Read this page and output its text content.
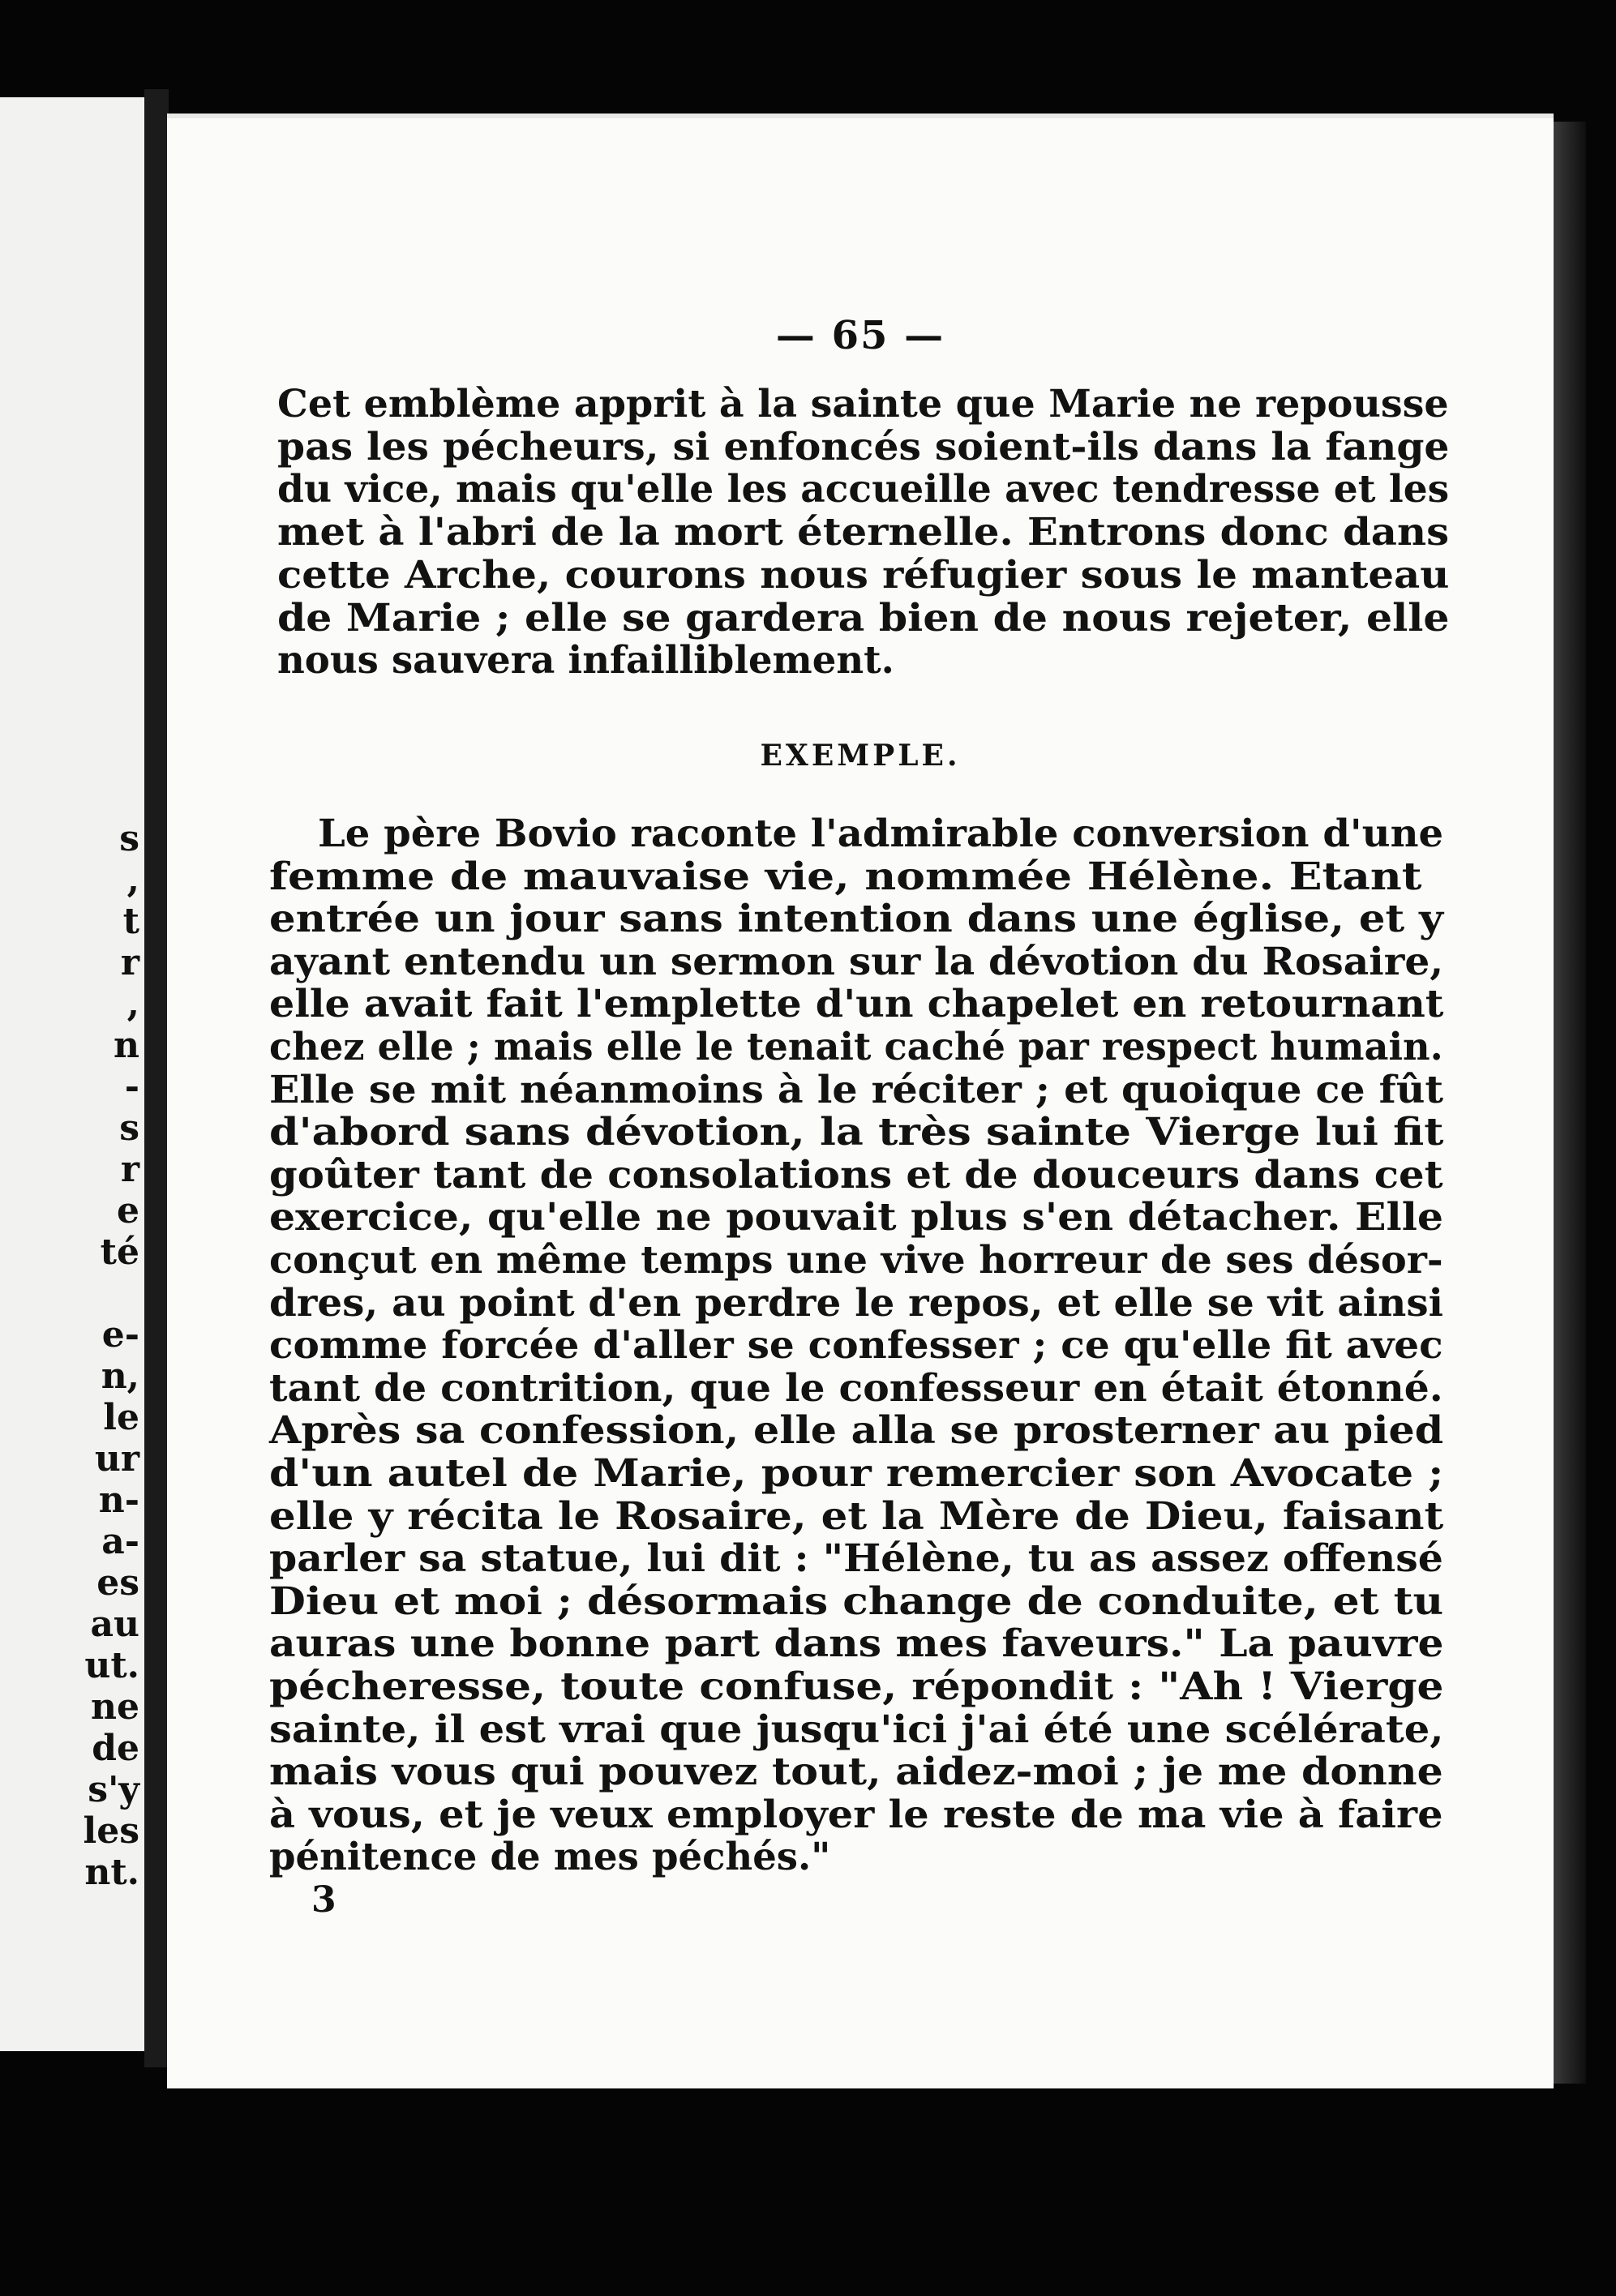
s
,
t
r
,
n
-
s
r
e
té
e-
n,
le
ur
n-
a-
es
au
ut.
ne
de
s'y
les
nt.
— 65 —
EXEMPLE.
3
Cet emblème apprit à la sainte que Marie ne repousse
pas les pécheurs, si enfoncés soient-ils dans la fange
du vice, mais qu'elle les accueille avec tendresse et les
met à l'abri de la mort éternelle. Entrons donc dans
cette Arche, courons nous réfugier sous le manteau
de Marie ; elle se gardera bien de nous rejeter, elle
nous sauvera infailliblement.
Le père Bovio raconte l'admirable conversion d'une
femme de mauvaise vie, nommée Hélène. Etant
entrée un jour sans intention dans une église, et y
ayant entendu un sermon sur la dévotion du Rosaire,
elle avait fait l'emplette d'un chapelet en retournant
chez elle ; mais elle le tenait caché par respect humain.
Elle se mit néanmoins à le réciter ; et quoique ce fût
d'abord sans dévotion, la très sainte Vierge lui fit
goûter tant de consolations et de douceurs dans cet
exercice, qu'elle ne pouvait plus s'en détacher. Elle
conçut en même temps une vive horreur de ses désor-
dres, au point d'en perdre le repos, et elle se vit ainsi
comme forcée d'aller se confesser ; ce qu'elle fit avec
tant de contrition, que le confesseur en était étonné.
Après sa confession, elle alla se prosterner au pied
d'un autel de Marie, pour remercier son Avocate ;
elle y récita le Rosaire, et la Mère de Dieu, faisant
parler sa statue, lui dit : "Hélène, tu as assez offensé
Dieu et moi ; désormais change de conduite, et tu
auras une bonne part dans mes faveurs." La pauvre
pécheresse, toute confuse, répondit : "Ah ! Vierge
sainte, il est vrai que jusqu'ici j'ai été une scélérate,
mais vous qui pouvez tout, aidez-moi ; je me donne
à vous, et je veux employer le reste de ma vie à faire
pénitence de mes péchés."
